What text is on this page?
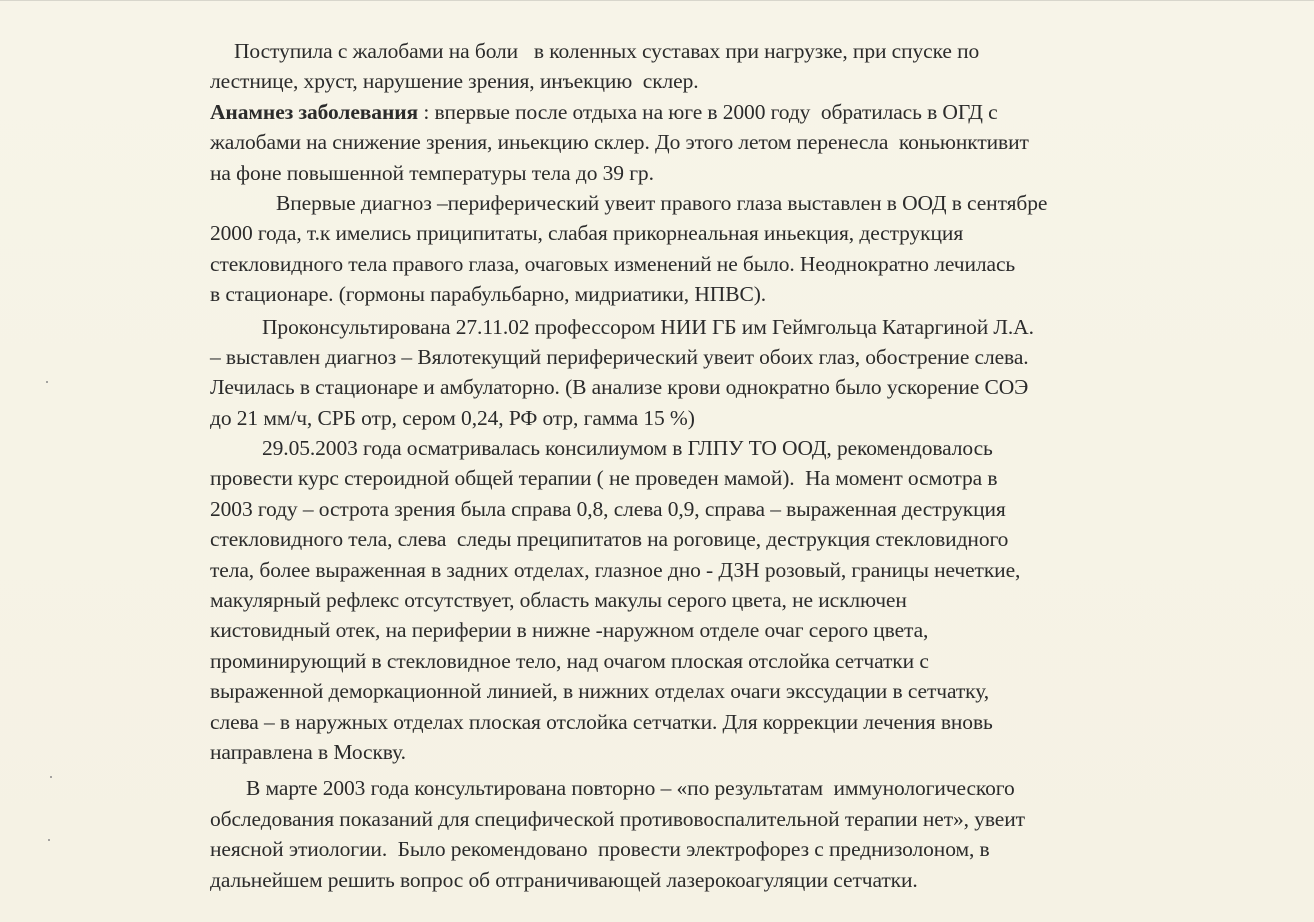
Поступила с жалобами на боли   в коленных суставах при нагрузке, при спуске по
лестнице, хруст, нарушение зрения, инъекцию  склер.
Анамнез заболевания : впервые после отдыха на юге в 2000 году  обратилась в ОГД с
жалобами на снижение зрения, иньекцию склер. До этого летом перенесла  коньюнктивит
на фоне повышенной температуры тела до 39 гр.
Впервые диагноз –периферический увеит правого глаза выставлен в ООД в сентябре
2000 года, т.к имелись приципитаты, слабая прикорнеальная иньекция, деструкция
стекловидного тела правого глаза, очаговых изменений не было. Неоднократно лечилась
в стационаре. (гормоны парабульбарно, мидриатики, НПВС).
Проконсультирована 27.11.02 профессором НИИ ГБ им Геймгольца Катаргиной Л.А.
– выставлен диагноз – Вялотекущий периферический увеит обоих глаз, обострение слева.
Лечилась в стационаре и амбулаторно. (В анализе крови однократно было ускорение СОЭ
до 21 мм/ч, СРБ отр, сером 0,24, РФ отр, гамма 15 %)
29.05.2003 года осматривалась консилиумом в ГЛПУ ТО ООД, рекомендовалось
провести курс стероидной общей терапии ( не проведен мамой).  На момент осмотра в
2003 году – острота зрения была справа 0,8, слева 0,9, справа – выраженная деструкция
стекловидного тела, слева  следы преципитатов на роговице, деструкция стекловидного
тела, более выраженная в задних отделах, глазное дно - ДЗН розовый, границы нечеткие,
макулярный рефлекс отсутствует, область макулы серого цвета, не исключен
кистовидный отек, на периферии в нижне -наружном отделе очаг серого цвета,
проминирующий в стекловидное тело, над очагом плоская отслойка сетчатки с
выраженной деморкационной линией, в нижних отделах очаги экссудации в сетчатку,
слева – в наружных отделах плоская отслойка сетчатки. Для коррекции лечения вновь
направлена в Москву.
В марте 2003 года консультирована повторно – «по результатам  иммунологического
обследования показаний для специфической противовоспалительной терапии нет», увеит
неясной этиологии.  Было рекомендовано  провести электрофорез с преднизолоном, в
дальнейшем решить вопрос об отграничивающей лазерокоагуляции сетчатки.
